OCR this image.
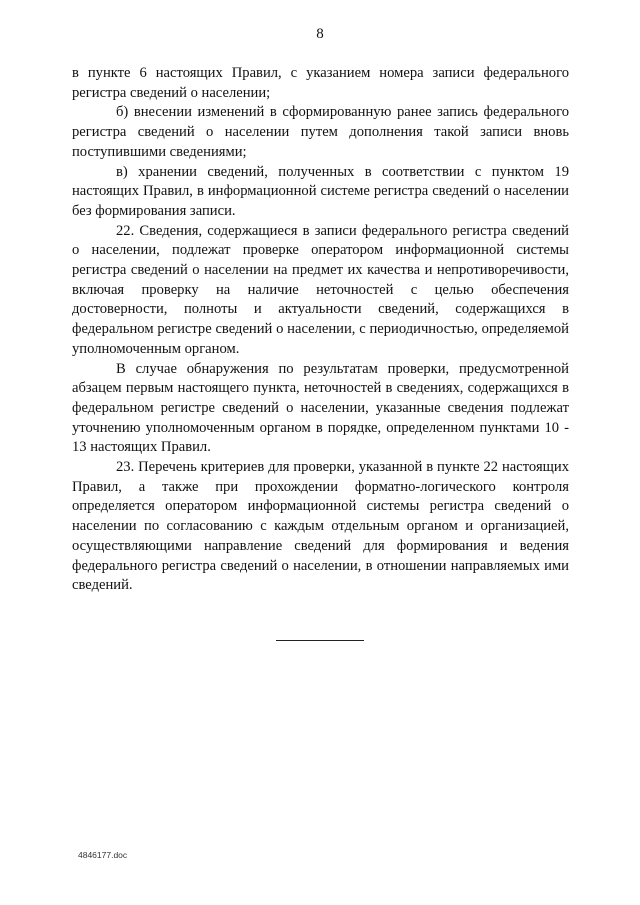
8

в пункте 6 настоящих Правил, с указанием номера записи федерального регистра сведений о населении;

б) внесении изменений в сформированную ранее запись федерального регистра сведений о населении путем дополнения такой записи вновь поступившими сведениями;

в) хранении сведений, полученных в соответствии с пунктом 19 настоящих Правил, в информационной системе регистра сведений о населении без формирования записи.

22. Сведения, содержащиеся в записи федерального регистра сведений о населении, подлежат проверке оператором информационной системы регистра сведений о населении на предмет их качества и непротиворечивости, включая проверку на наличие неточностей с целью обеспечения достоверности, полноты и актуальности сведений, содержащихся в федеральном регистре сведений о населении, с периодичностью, определяемой уполномоченным органом.

В случае обнаружения по результатам проверки, предусмотренной абзацем первым настоящего пункта, неточностей в сведениях, содержащихся в федеральном регистре сведений о населении, указанные сведения подлежат уточнению уполномоченным органом в порядке, определенном пунктами 10 - 13 настоящих Правил.

23. Перечень критериев для проверки, указанной в пункте 22 настоящих Правил, а также при прохождении форматно-логического контроля определяется оператором информационной системы регистра сведений о населении по согласованию с каждым отдельным органом и организацией, осуществляющими направление сведений для формирования и ведения федерального регистра сведений о населении, в отношении направляемых ими сведений.

4846177.doc
